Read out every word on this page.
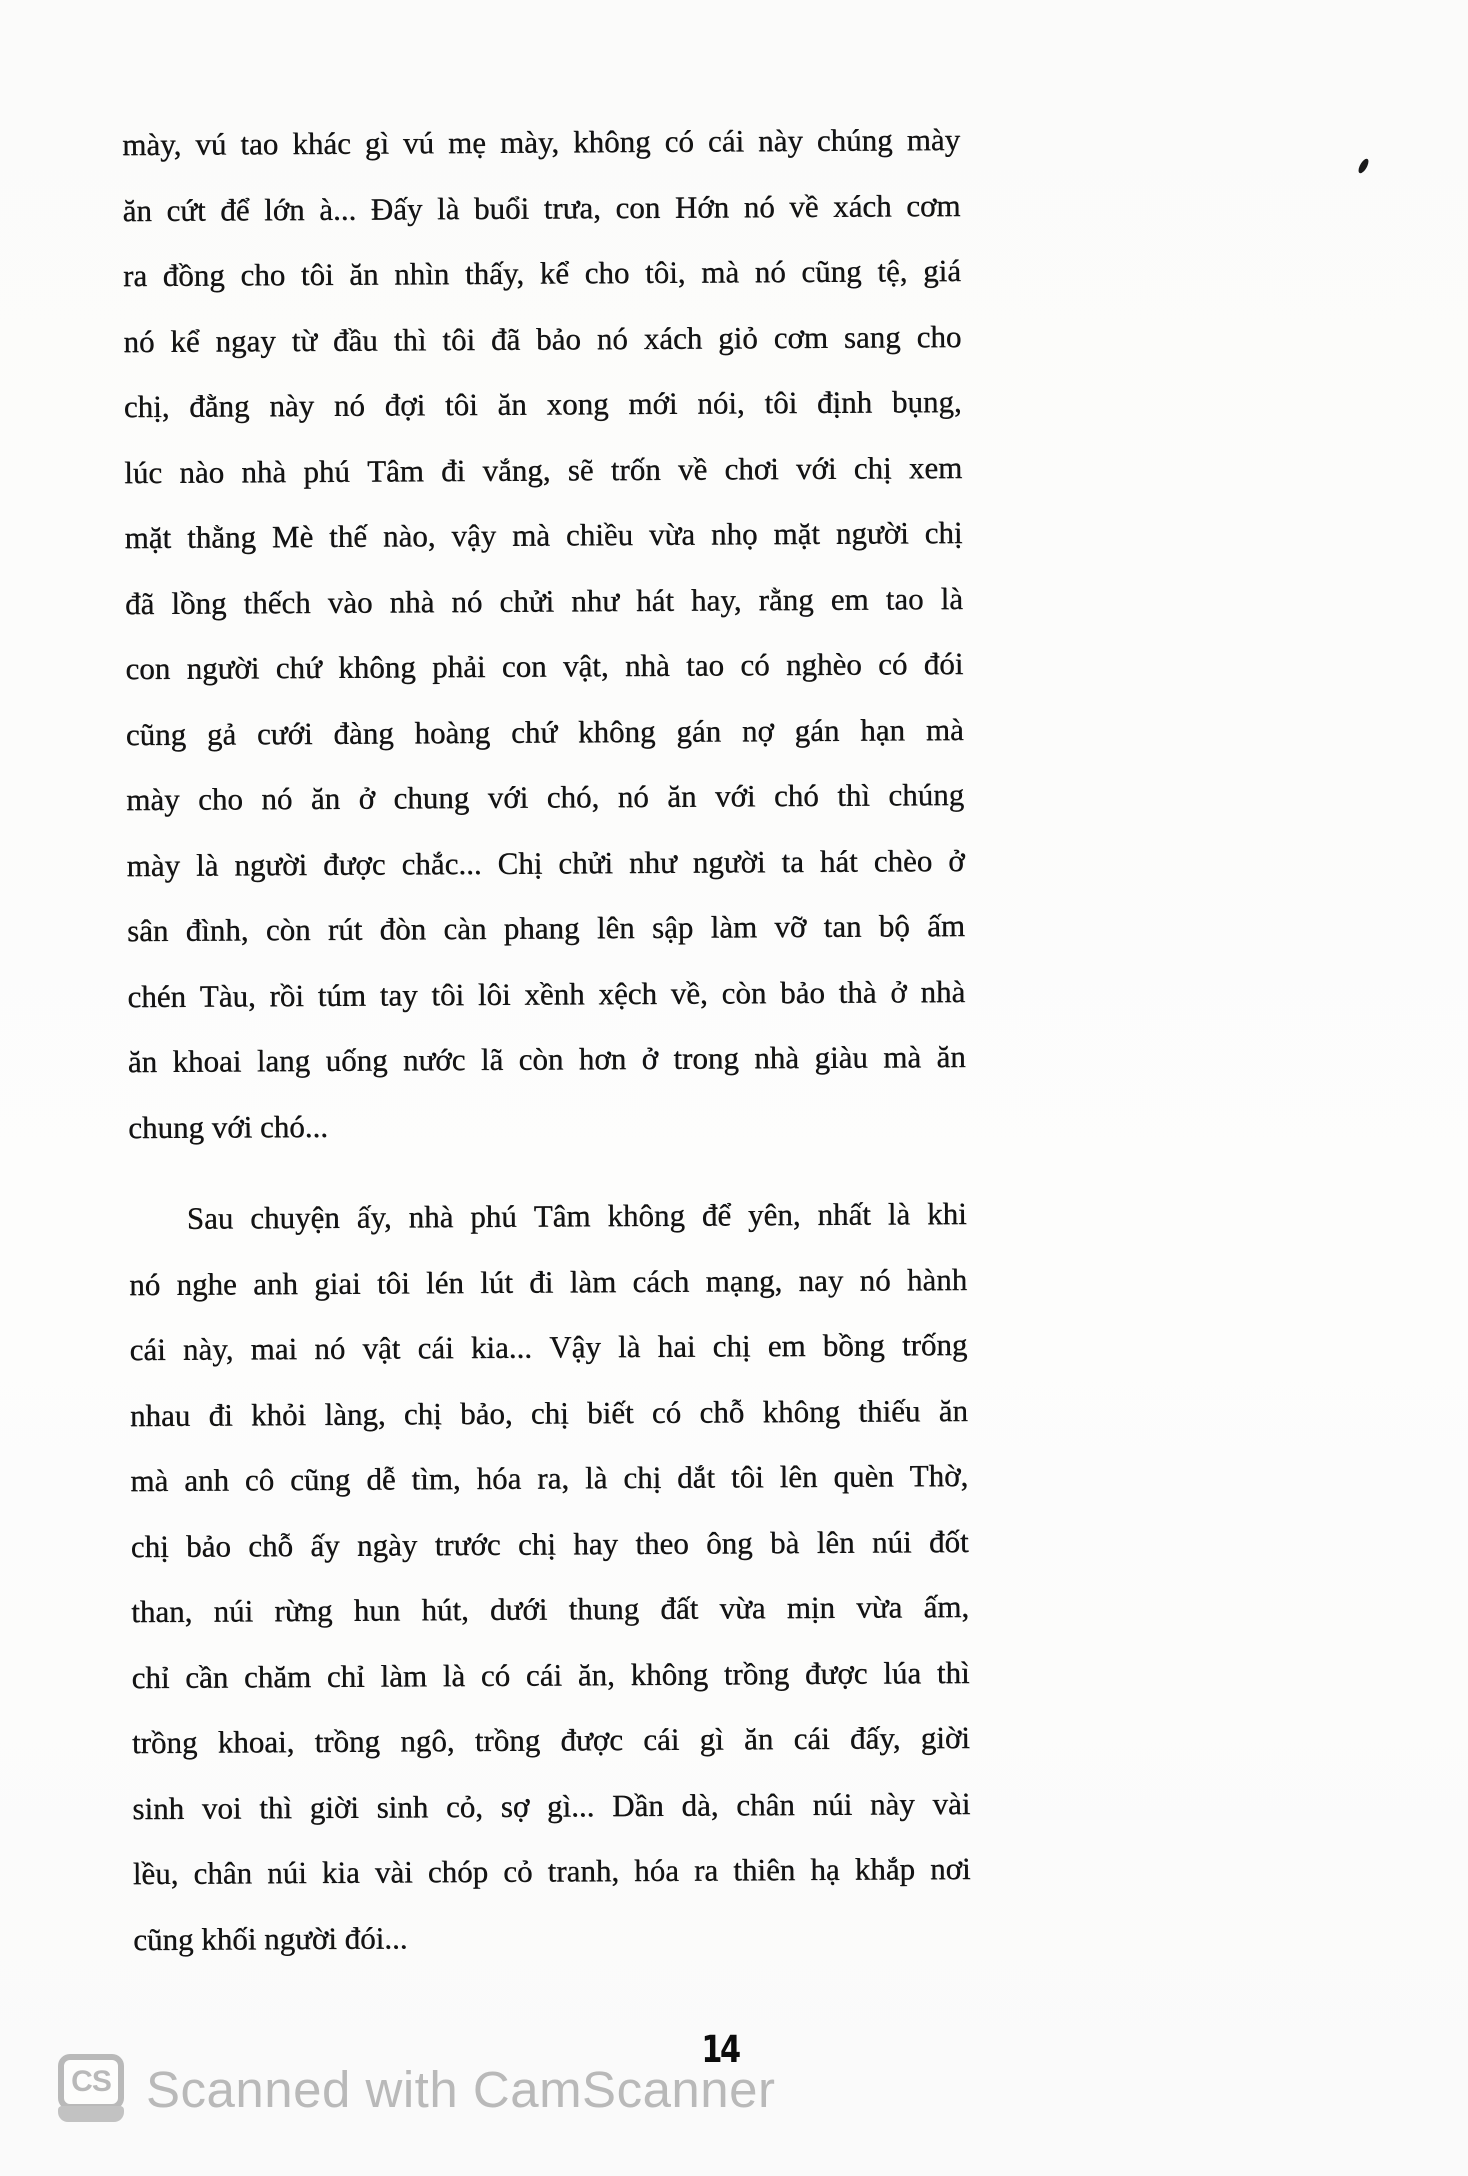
mày, vú tao khác gì vú mẹ mày, không có cái này chúng mày
ăn cứt để lớn à... Đấy là buổi trưa, con Hớn nó về xách cơm
ra đồng cho tôi ăn nhìn thấy, kể cho tôi, mà nó cũng tệ, giá
nó kể ngay từ đầu thì tôi đã bảo nó xách giỏ cơm sang cho
chị, đằng này nó đợi tôi ăn xong mới nói, tôi định bụng,
lúc nào nhà phú Tâm đi vắng, sẽ trốn về chơi với chị xem
mặt thằng Mè thế nào, vậy mà chiều vừa nhọ mặt người chị
đã lồng thếch vào nhà nó chửi như hát hay, rằng em tao là
con người chứ không phải con vật, nhà tao có nghèo có đói
cũng gả cưới đàng hoàng chứ không gán nợ gán hạn mà
mày cho nó ăn ở chung với chó, nó ăn với chó thì chúng
mày là người được chắc... Chị chửi như người ta hát chèo ở
sân đình, còn rút đòn càn phang lên sập làm vỡ tan bộ ấm
chén Tàu, rồi túm tay tôi lôi xềnh xệch về, còn bảo thà ở nhà
ăn khoai lang uống nước lã còn hơn ở trong nhà giàu mà ăn
chung với chó...
Sau chuyện ấy, nhà phú Tâm không để yên, nhất là khi
nó nghe anh giai tôi lén lút đi làm cách mạng, nay nó hành
cái này, mai nó vật cái kia... Vậy là hai chị em bồng trống
nhau đi khỏi làng, chị bảo, chị biết có chỗ không thiếu ăn
mà anh cô cũng dễ tìm, hóa ra, là chị dắt tôi lên quèn Thờ,
chị bảo chỗ ấy ngày trước chị hay theo ông bà lên núi đốt
than, núi rừng hun hút, dưới thung đất vừa mịn vừa ấm,
chỉ cần chăm chỉ làm là có cái ăn, không trồng được lúa thì
trồng khoai, trồng ngô, trồng được cái gì ăn cái đấy, giời
sinh voi thì giời sinh cỏ, sợ gì... Dần dà, chân núi này vài
lều, chân núi kia vài chóp cỏ tranh, hóa ra thiên hạ khắp nơi
cũng khối người đói...
14
CS Scanned with CamScanner
